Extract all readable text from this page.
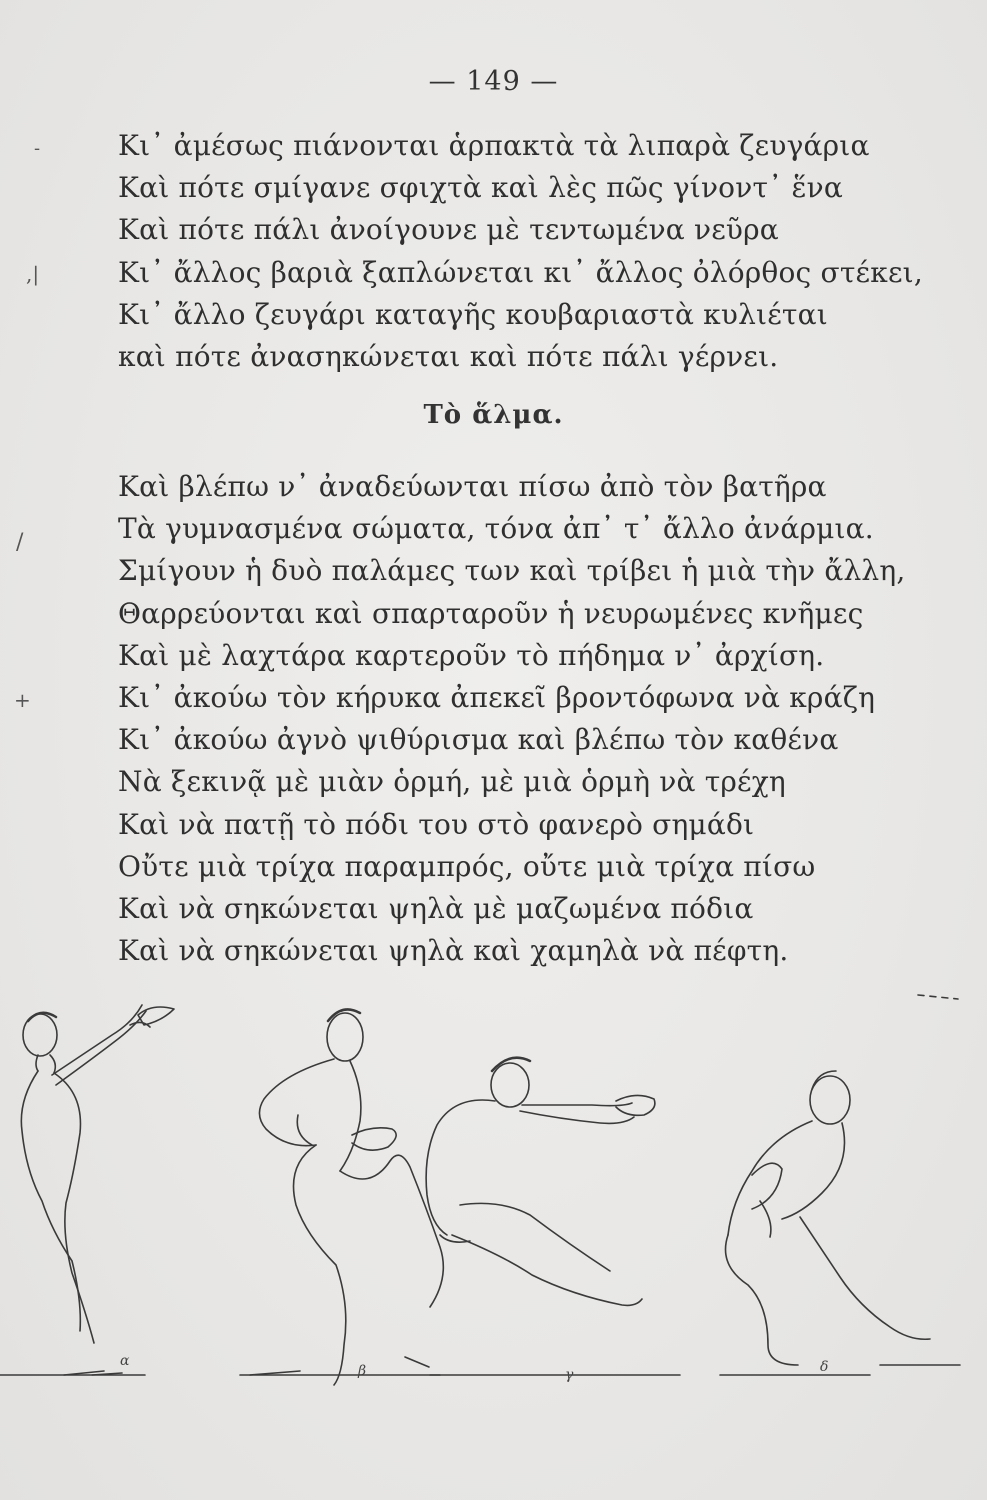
— 149 —
-
,|
/
+
Κι᾽ ἀμέσως πιάνονται ἁρπακτὰ τὰ λιπαρὰ ζευγάρια
Καὶ πότε σμίγανε σφιχτὰ καὶ λὲς πῶς γίνοντ᾽ ἕνα
Καὶ πότε πάλι ἀνοίγουνε μὲ τεντωμένα νεῦρα
Κι᾽ ἄλλος βαριὰ ξαπλώνεται κι᾽ ἄλλος ὀλόρθος στέκει,
Κι᾽ ἄλλο ζευγάρι καταγῆς κουβαριαστὰ κυλιέται
καὶ πότε ἀνασηκώνεται καὶ πότε πάλι γέρνει.
Τὸ ἅλμα.
Καὶ βλέπω ν᾽ ἀναδεύωνται πίσω ἀπὸ τὸν βατῆρα
Τὰ γυμνασμένα σώματα, τόνα ἀπ᾽ τ᾽ ἄλλο ἀνάρμια.
Σμίγουν ἡ δυὸ παλάμες των καὶ τρίβει ἡ μιὰ τὴν ἄλλη,
Θαρρεύονται καὶ σπαρταροῦν ἡ νευρωμένες κνῆμες
Καὶ μὲ λαχτάρα καρτεροῦν τὸ πήδημα ν᾽ ἀρχίση.
Κι᾽ ἀκούω τὸν κήρυκα ἀπεκεῖ βροντόφωνα νὰ κράζη
Κι᾽ ἀκούω ἀγνὸ ψιθύρισμα καὶ βλέπω τὸν καθένα
Νὰ ξεκινᾷ μὲ μιὰν ὁρμή, μὲ μιὰ ὁρμὴ νὰ τρέχη
Καὶ νὰ πατῇ τὸ πόδι του στὸ φανερὸ σημάδι
Οὔτε μιὰ τρίχα παραμπρός, οὔτε μιὰ τρίχα πίσω
Καὶ νὰ σηκώνεται ψηλὰ μὲ μαζωμένα πόδια
Καὶ νὰ σηκώνεται ψηλὰ καὶ χαμηλὰ νὰ πέφτη.
α
β	γ	δ
